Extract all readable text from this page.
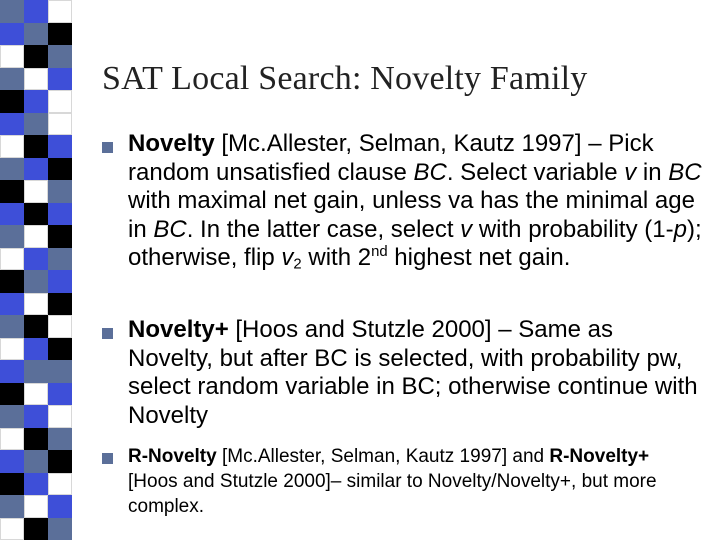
SAT Local Search: Novelty Family
Novelty [Mc.Allester, Selman, Kautz 1997] – Pick random unsatisfied clause BC. Select variable v in BC with maximal net gain, unless va has the minimal age in BC. In the latter case, select v with probability (1-p); otherwise, flip $v_2$ with 2nd highest net gain.
Novelty+ [Hoos and Stutzle 2000] – Same as Novelty, but after BC is selected, with probability pw, select random variable in BC; otherwise continue with Novelty
R-Novelty [Mc.Allester, Selman, Kautz 1997] and R-Novelty+ [Hoos and Stutzle 2000]– similar to Novelty/Novelty+, but more complex.
